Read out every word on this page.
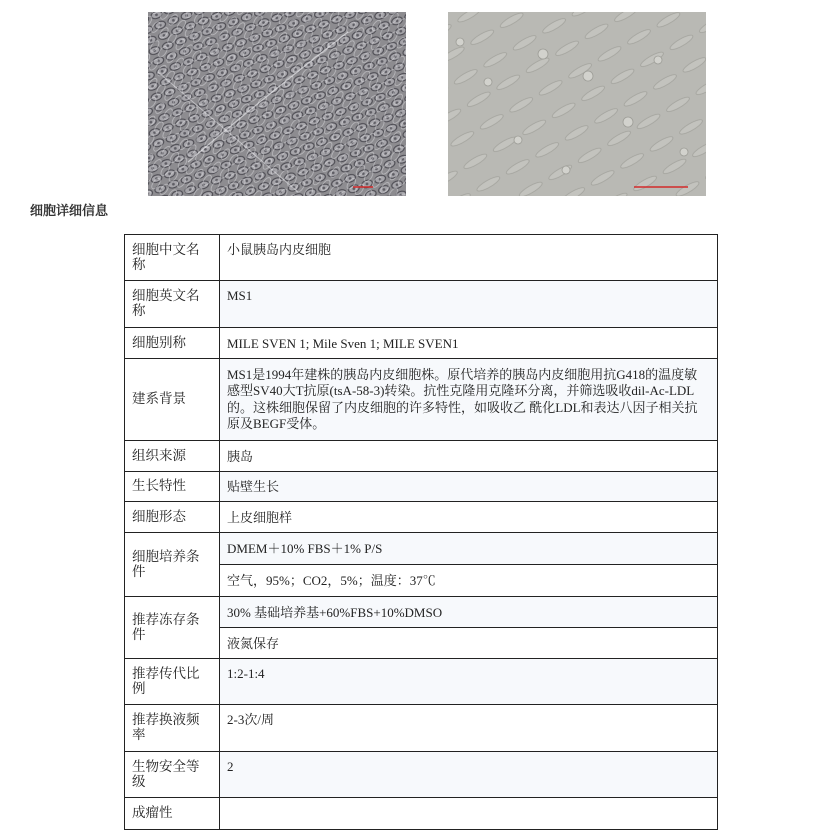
细胞详细信息
细胞中文名称	小鼠胰岛内皮细胞
细胞英文名称	MS1
细胞别称	MILE SVEN 1; Mile Sven 1; MILE SVEN1
建系背景	MS1是1994年建株的胰岛内皮细胞株。原代培养的胰岛内皮细胞用抗G418的温度敏感型SV40大T抗原(tsA-58-3)转染。抗性克隆用克隆环分离，并筛选吸收dil-Ac-LDL的。这株细胞保留了内皮细胞的许多特性，如吸收乙 酰化LDL和表达八因子相关抗原及BEGF受体。
组织来源	胰岛
生长特性	贴壁生长
细胞形态	上皮细胞样
细胞培养条件	DMEM＋10% FBS＋1% P/S
	空气，95%；CO2，5%；温度：37℃
推荐冻存条件	30% 基础培养基+60%FBS+10%DMSO
	液氮保存
推荐传代比例	1:2-1:4
推荐换液频率	2-3次/周
生物安全等级	2
成瘤性	
